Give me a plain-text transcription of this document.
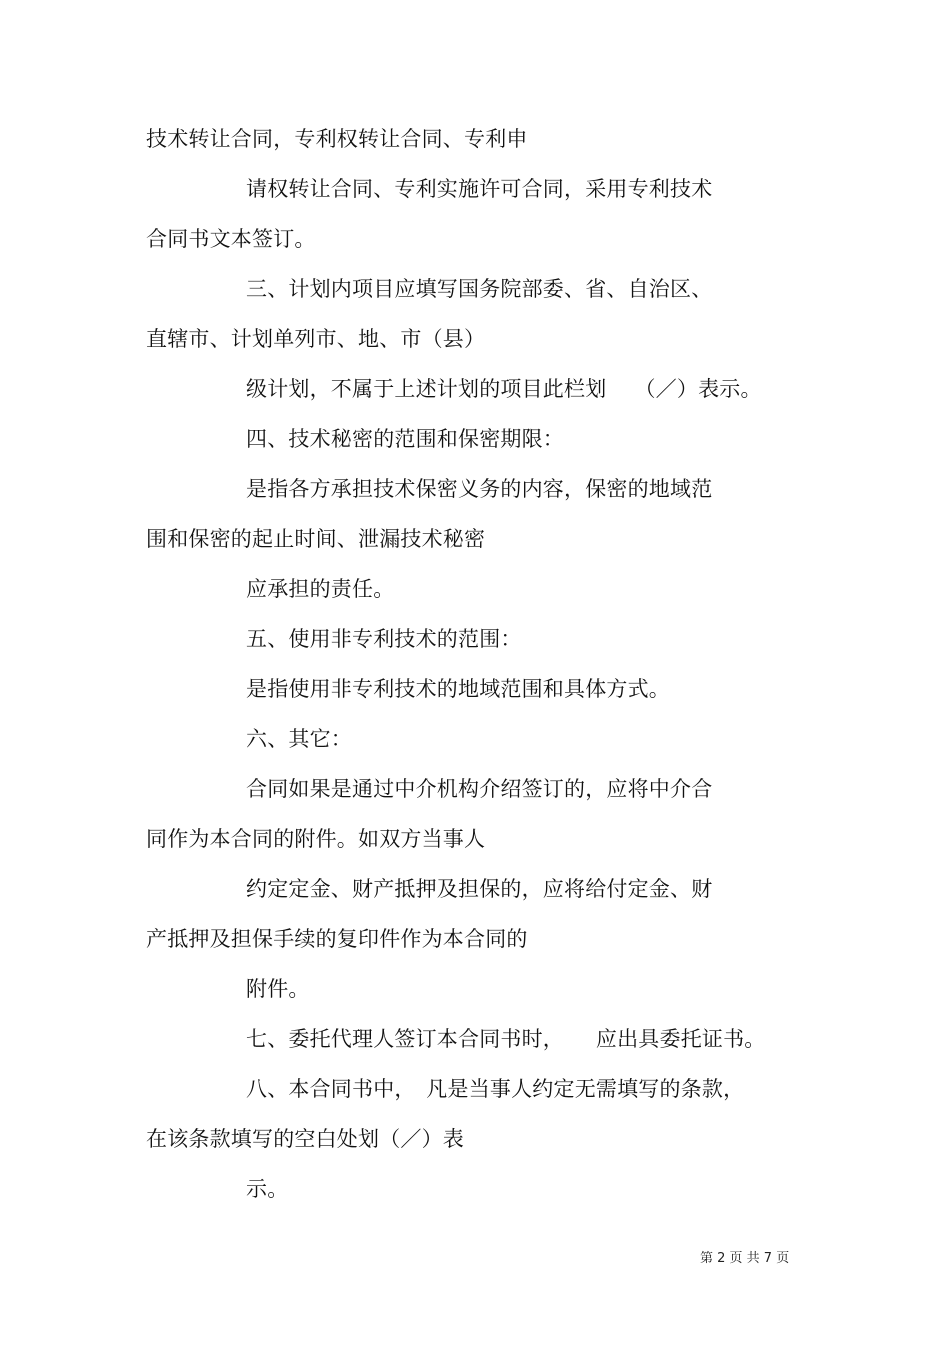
技术转让合同，专利权转让合同、专利申
请权转让合同、专利实施许可合同，采用专利技术
合同书文本签订。
三、计划内项目应填写国务院部委、省、自治区、
直辖市、计划单列市、地、市（县）
级计划，不属于上述计划的项目此栏划　 （／）表示。
四、技术秘密的范围和保密期限：
是指各方承担技术保密义务的内容，保密的地域范
围和保密的起止时间、泄漏技术秘密
应承担的责任。
五、使用非专利技术的范围：
是指使用非专利技术的地域范围和具体方式。
六、其它：
合同如果是通过中介机构介绍签订的，应将中介合
同作为本合同的附件。如双方当事人
约定定金、财产抵押及担保的，应将给付定金、财
产抵押及担保手续的复印件作为本合同的
附件。
七、委托代理人签订本合同书时，　　应出具委托证书。
八、本合同书中，　凡是当事人约定无需填写的条款，
在该条款填写的空白处划（／）表
示。
第 2 页 共 7 页
